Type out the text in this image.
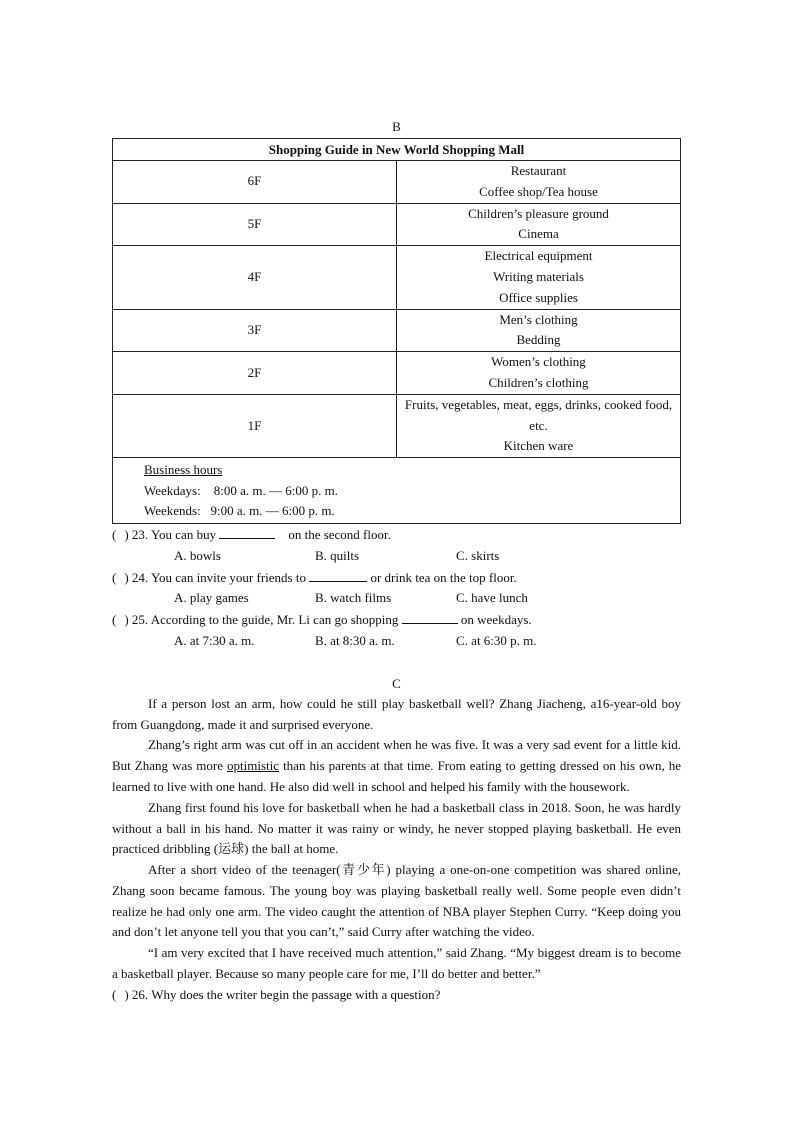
B
Shopping Guide in New World Shopping Mall	
6F	Restaurant
Coffee shop/Tea house

5F	Children’s pleasure ground
Cinema

4F	Electrical equipment
Writing materials
Office supplies

3F	Men’s clothing
Bedding

2F	Women’s clothing
Children’s clothing

1F	Fruits, vegetables, meat, eggs, drinks, cooked food, etc.
Kitchen ware

Business hours
Weekdays:    8:00 a. m. — 6:00 p. m.
Weekends:   9:00 a. m. — 6:00 p. m.	
( ) 23. You can buy	on the second floor.
A. bowls	B. quilts	C. skirts
( ) 24. You can invite your friends to	or drink tea on the top floor.
A. play games	B. watch films	C. have lunch
( ) 25. According to the guide, Mr. Li can go shopping	on weekdays.
A. at 7:30 a. m.	B. at 8:30 a. m.	C. at 6:30 p. m.
C

If a person lost an arm, how could he still play basketball well? Zhang Jiacheng, a16-year-old boy from Guangdong, made it and surprised everyone.

Zhang’s right arm was cut off in an accident when he was five. It was a very sad event for a little kid. But Zhang was more optimistic than his parents at that time. From eating to getting dressed on his own, he learned to live with one hand. He also did well in school and helped his family with the housework.

Zhang first found his love for basketball when he had a basketball class in 2018. Soon, he was hardly without a ball in his hand. No matter it was rainy or windy, he never stopped playing basketball. He even practiced dribbling (运球) the ball at home.

After a short video of the teenager(青少年) playing a one-on-one competition was shared online, Zhang soon became famous. The young boy was playing basketball really well. Some people even didn’t realize he had only one arm. The video caught the attention of NBA player Stephen Curry. “Keep doing you and don’t let anyone tell you that you can’t,” said Curry after watching the video.

“I am very excited that I have received much attention,” said Zhang. “My biggest dream is to become a basketball player. Because so many people care for me, I’ll do better and better.”

( ) 26. Why does the writer begin the passage with a question?
